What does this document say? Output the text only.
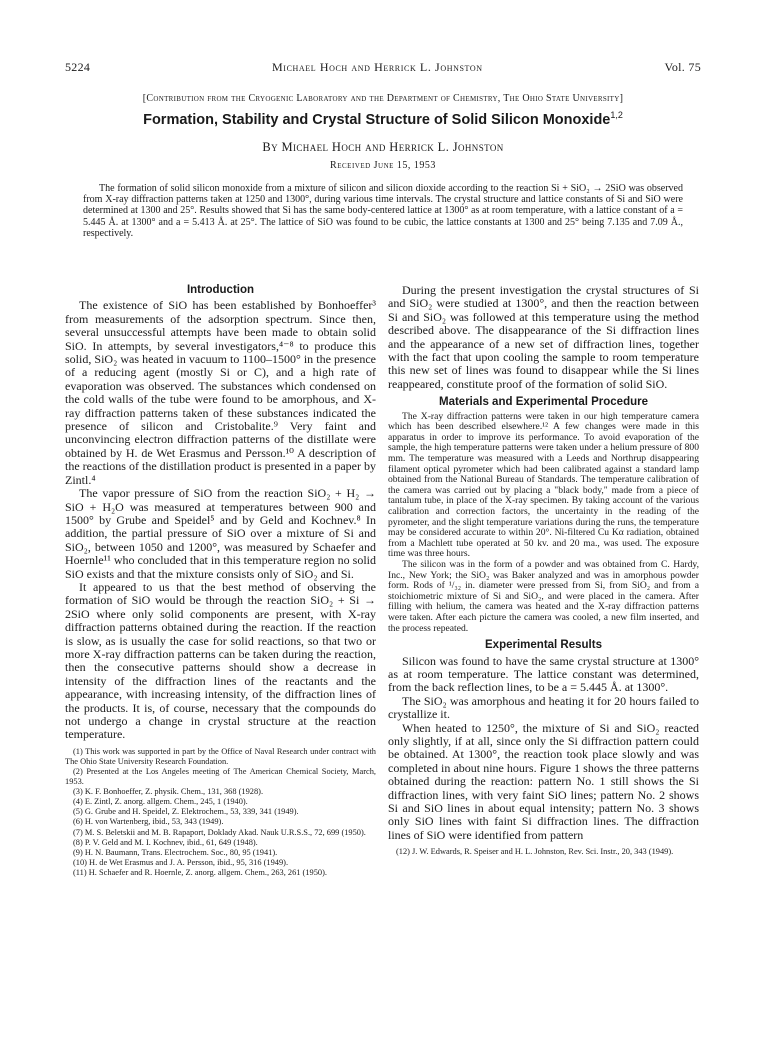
5224	Michael Hoch and Herrick L. Johnston	Vol. 75
[Contribution from the Cryogenic Laboratory and the Department of Chemistry, The Ohio State University]
Formation, Stability and Crystal Structure of Solid Silicon Monoxide$^{1,2}$
By Michael Hoch and Herrick L. Johnston
Received June 15, 1953

The formation of solid silicon monoxide from a mixture of silicon and silicon dioxide according to the reaction Si + SiO₂ → 2SiO was observed from X-ray diffraction patterns taken at 1250 and 1300°, during various time intervals. The crystal structure and lattice constants of Si and SiO were determined at 1300 and 25°. Results showed that Si has the same body-centered lattice at 1300° as at room temperature, with a lattice constant of a = 5.445 Å. at 1300° and a = 5.413 Å. at 25°. The lattice of SiO was found to be cubic, the lattice constants at 1300 and 25° being 7.135 and 7.09 Å., respectively.

Introduction

The existence of SiO has been established by Bonhoeffer³ from measurements of the adsorption spectrum. Since then, several unsuccessful attempts have been made to obtain solid SiO. In attempts, by several investigators,⁴⁻⁸ to produce this solid, SiO₂ was heated in vacuum to 1100–1500° in the presence of a reducing agent (mostly Si or C), and a high rate of evaporation was observed. The substances which condensed on the cold walls of the tube were found to be amorphous, and X-ray diffraction patterns taken of these substances indicated the presence of silicon and Cristobalite.⁹ Very faint and unconvincing electron diffraction patterns of the distillate were obtained by H. de Wet Erasmus and Persson.¹⁰ A description of the reactions of the distillation product is presented in a paper by Zintl.⁴

The vapor pressure of SiO from the reaction SiO₂ + H₂ → SiO + H₂O was measured at temperatures between 900 and 1500° by Grube and Speidel⁵ and by Geld and Kochnev.⁸ In addition, the partial pressure of SiO over a mixture of Si and SiO₂, between 1050 and 1200°, was measured by Schaefer and Hoernle¹¹ who concluded that in this temperature region no solid SiO exists and that the mixture consists only of SiO₂ and Si.

It appeared to us that the best method of observing the formation of SiO would be through the reaction SiO₂ + Si → 2SiO where only solid components are present, with X-ray diffraction patterns obtained during the reaction. If the reaction is slow, as is usually the case for solid reactions, so that two or more X-ray diffraction patterns can be taken during the reaction, then the consecutive patterns should show a decrease in intensity of the diffraction lines of the reactants and the appearance, with increasing intensity, of the diffraction lines of the products. It is, of course, necessary that the compounds do not undergo a change in crystal structure at the reaction temperature.

(1) This work was supported in part by the Office of Naval Research under contract with The Ohio State University Research Foundation.
(2) Presented at the Los Angeles meeting of The American Chemical Society, March, 1953.
(3) K. F. Bonhoeffer, Z. physik. Chem., 131, 368 (1928).
(4) E. Zintl, Z. anorg. allgem. Chem., 245, 1 (1940).
(5) G. Grube and H. Speidel, Z. Elektrochem., 53, 339, 341 (1949).
(6) H. von Wartenberg, ibid., 53, 343 (1949).
(7) M. S. Beletskii and M. B. Rapaport, Doklady Akad. Nauk U.R.S.S., 72, 699 (1950).
(8) P. V. Geld and M. I. Kochnev, ibid., 61, 649 (1948).
(9) H. N. Baumann, Trans. Electrochem. Soc., 80, 95 (1941).
(10) H. de Wet Erasmus and J. A. Persson, ibid., 95, 316 (1949).
(11) H. Schaefer and R. Hoernle, Z. anorg. allgem. Chem., 263, 261 (1950).

During the present investigation the crystal structures of Si and SiO₂ were studied at 1300°, and then the reaction between Si and SiO₂ was followed at this temperature using the method described above. The disappearance of the Si diffraction lines and the appearance of a new set of diffraction lines, together with the fact that upon cooling the sample to room temperature this new set of lines was found to disappear while the Si lines reappeared, constitute proof of the formation of solid SiO.

Materials and Experimental Procedure

The X-ray diffraction patterns were taken in our high temperature camera which has been described elsewhere.¹² A few changes were made in this apparatus in order to improve its performance. To avoid evaporation of the sample, the high temperature patterns were taken under a helium pressure of 800 mm. The temperature was measured with a Leeds and Northrup disappearing filament optical pyrometer which had been calibrated against a standard lamp obtained from the National Bureau of Standards. The temperature calibration of the camera was carried out by placing a "black body," made from a piece of tantalum tube, in place of the X-ray specimen. By taking account of the various calibration and correction factors, the uncertainty in the reading of the pyrometer, and the slight temperature variations during the runs, the temperature may be considered accurate to within 20°. Ni-filtered Cu Kα radiation, obtained from a Machlett tube operated at 50 kv. and 20 ma., was used. The exposure time was three hours.

The silicon was in the form of a powder and was obtained from C. Hardy, Inc., New York; the SiO₂ was Baker analyzed and was in amorphous powder form. Rods of ¹/₃₂ in. diameter were pressed from Si, from SiO₂ and from a stoichiometric mixture of Si and SiO₂, and were placed in the camera. After filling with helium, the camera was heated and the X-ray diffraction patterns were taken. After each picture the camera was cooled, a new film inserted, and the process repeated.

Experimental Results

Silicon was found to have the same crystal structure at 1300° as at room temperature. The lattice constant was determined, from the back reflection lines, to be a = 5.445 Å. at 1300°.

The SiO₂ was amorphous and heating it for 20 hours failed to crystallize it.

When heated to 1250°, the mixture of Si and SiO₂ reacted only slightly, if at all, since only the Si diffraction pattern could be obtained. At 1300°, the reaction took place slowly and was completed in about nine hours. Figure 1 shows the three patterns obtained during the reaction: pattern No. 1 still shows the Si diffraction lines, with very faint SiO lines; pattern No. 2 shows Si and SiO lines in about equal intensity; pattern No. 3 shows only SiO lines with faint Si diffraction lines. The diffraction lines of SiO were identified from pattern

(12) J. W. Edwards, R. Speiser and H. L. Johnston, Rev. Sci. Instr., 20, 343 (1949).
